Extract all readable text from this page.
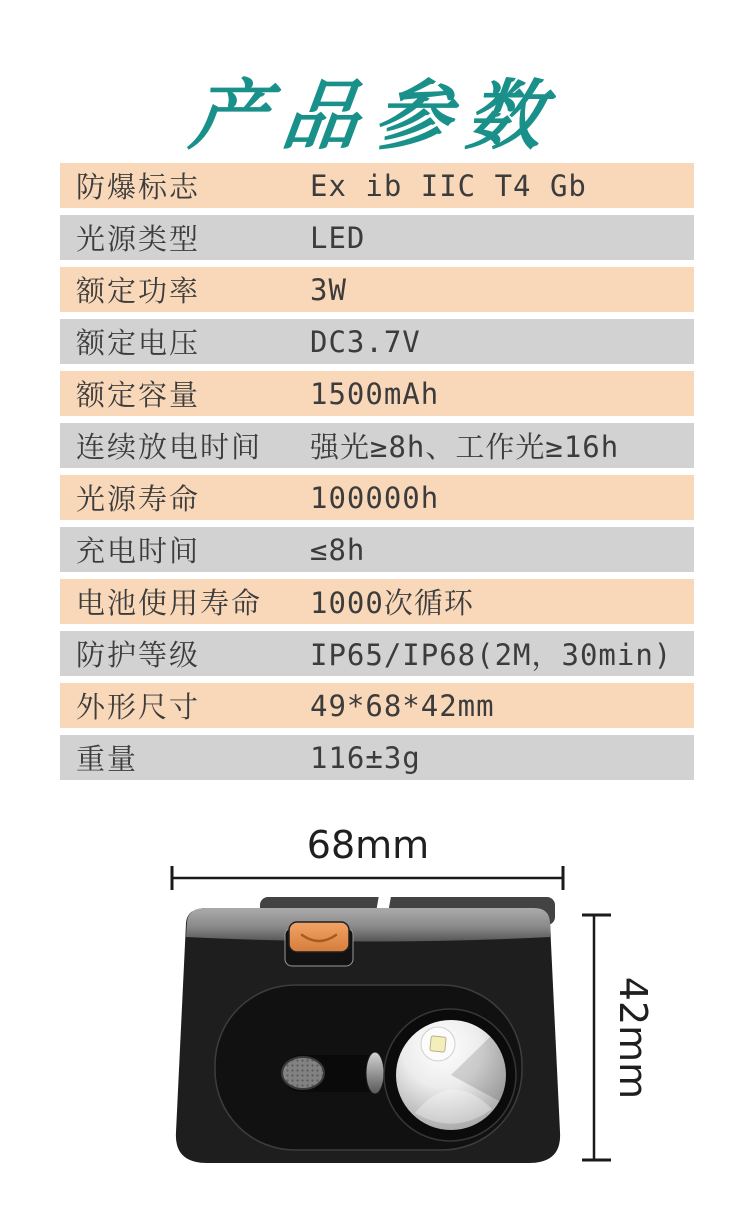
产品参数
防爆标志	Ex ib IIC T4 Gb
光源类型	LED
额定功率	3W
额定电压	DC3.7V
额定容量	1500mAh
连续放电时间	强光≥8h、工作光≥16h
光源寿命	100000h
充电时间	≤8h
电池使用寿命	1000次循环
防护等级	IP65/IP68(2M，30min)
外形尺寸	49*68*42mm
重量	116±3g
68mm
42mm
